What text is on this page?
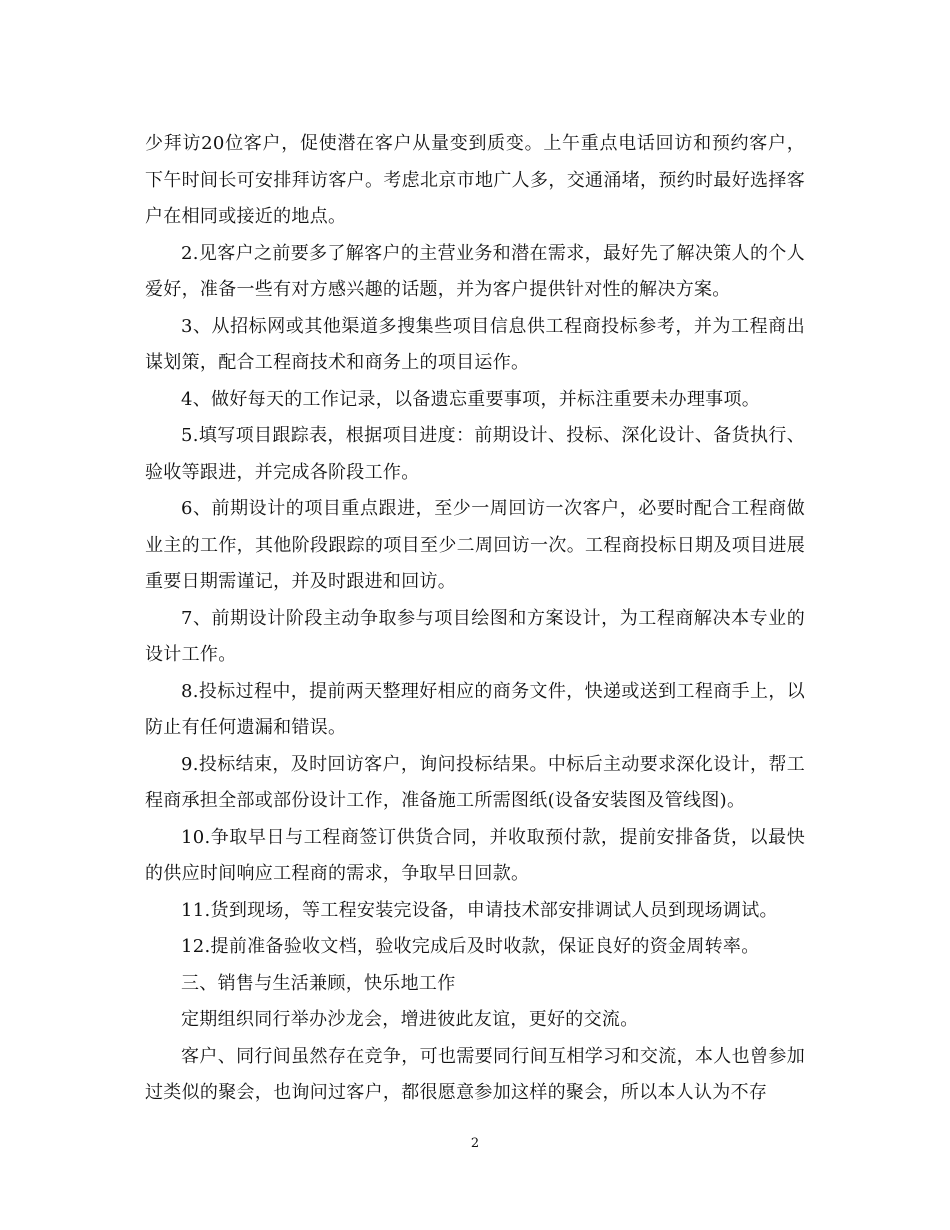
少拜访20位客户，促使潜在客户从量变到质变。上午重点电话回访和预约客户，下午时间长可安排拜访客户。考虑北京市地广人多，交通涌堵，预约时最好选择客户在相同或接近的地点。

2.见客户之前要多了解客户的主营业务和潜在需求，最好先了解决策人的个人爱好，准备一些有对方感兴趣的话题，并为客户提供针对性的解决方案。

3、从招标网或其他渠道多搜集些项目信息供工程商投标参考，并为工程商出谋划策，配合工程商技术和商务上的项目运作。

4、做好每天的工作记录，以备遗忘重要事项，并标注重要未办理事项。

5.填写项目跟踪表，根据项目进度：前期设计、投标、深化设计、备货执行、验收等跟进，并完成各阶段工作。

6、前期设计的项目重点跟进，至少一周回访一次客户，必要时配合工程商做业主的工作，其他阶段跟踪的项目至少二周回访一次。工程商投标日期及项目进展重要日期需谨记，并及时跟进和回访。

7、前期设计阶段主动争取参与项目绘图和方案设计，为工程商解决本专业的设计工作。

8.投标过程中，提前两天整理好相应的商务文件，快递或送到工程商手上，以防止有任何遗漏和错误。

9.投标结束，及时回访客户，询问投标结果。中标后主动要求深化设计，帮工程商承担全部或部份设计工作，准备施工所需图纸(设备安装图及管线图)。

10.争取早日与工程商签订供货合同，并收取预付款，提前安排备货，以最快的供应时间响应工程商的需求，争取早日回款。

11.货到现场，等工程安装完设备，申请技术部安排调试人员到现场调试。

12.提前准备验收文档，验收完成后及时收款，保证良好的资金周转率。

三、销售与生活兼顾，快乐地工作

定期组织同行举办沙龙会，增进彼此友谊，更好的交流。

客户、同行间虽然存在竞争，可也需要同行间互相学习和交流，本人也曾参加过类似的聚会，也询问过客户，都很愿意参加这样的聚会，所以本人认为不存

2
